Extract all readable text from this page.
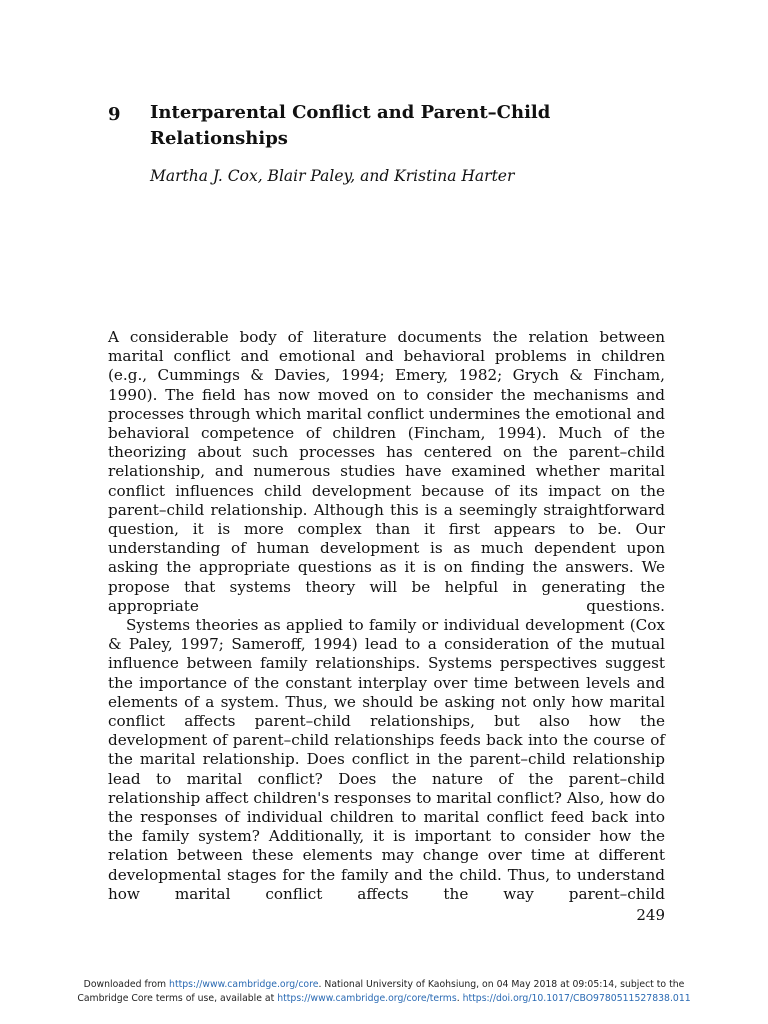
9 Interparental Conflict and Parent–Child Relationships
Martha J. Cox, Blair Paley, and Kristina Harter

A considerable body of literature documents the relation between marital conflict and emotional and behavioral problems in children (e.g., Cummings & Davies, 1994; Emery, 1982; Grych & Fincham, 1990). The field has now moved on to consider the mechanisms and processes through which marital conflict undermines the emotional and behavioral competence of children (Fincham, 1994). Much of the theorizing about such processes has centered on the parent–child relationship, and numerous studies have examined whether marital conflict influences child development because of its impact on the parent–child relationship. Although this is a seemingly straightforward question, it is more complex than it first appears to be. Our understanding of human development is as much dependent upon asking the appropriate questions as it is on finding the answers. We propose that systems theory will be helpful in generating the appropriate questions.

Systems theories as applied to family or individual development (Cox & Paley, 1997; Sameroff, 1994) lead to a consideration of the mutual influence between family relationships. Systems perspectives suggest the importance of the constant interplay over time between levels and elements of a system. Thus, we should be asking not only how marital conflict affects parent–child relationships, but also how the development of parent–child relationships feeds back into the course of the marital relationship. Does conflict in the parent–child relationship lead to marital conflict? Does the nature of the parent–child relationship affect children's responses to marital conflict? Also, how do the responses of individual children to marital conflict feed back into the family system? Additionally, it is important to consider how the relation between these elements may change over time at different developmental stages for the family and the child. Thus, to understand how marital conflict affects the way parent–child

249
Downloaded from https://www.cambridge.org/core. National University of Kaohsiung, on 04 May 2018 at 09:05:14, subject to the
Cambridge Core terms of use, available at https://www.cambridge.org/core/terms. https://doi.org/10.1017/CBO9780511527838.011
